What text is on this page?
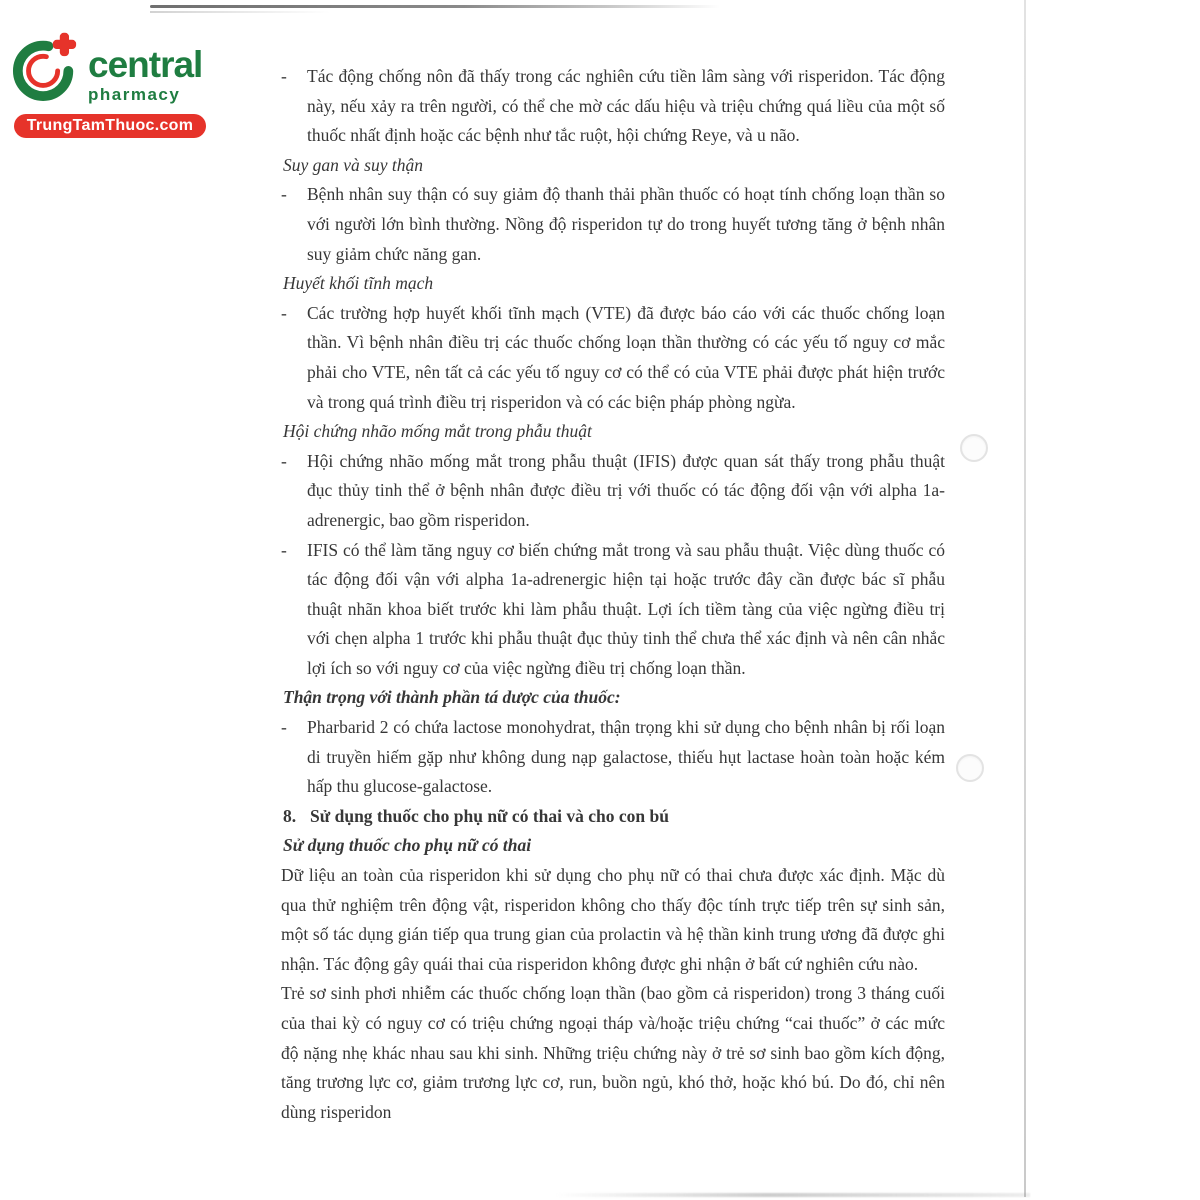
central
pharmacy
TrungTamThuoc.com
-	Tác động chống nôn đã thấy trong các nghiên cứu tiền lâm sàng với risperidon. Tác động này, nếu xảy ra trên người, có thể che mờ các dấu hiệu và triệu chứng quá liều của một số thuốc nhất định hoặc các bệnh như tắc ruột, hội chứng Reye, và u não.
Suy gan và suy thận
-	Bệnh nhân suy thận có suy giảm độ thanh thải phần thuốc có hoạt tính chống loạn thần so với người lớn bình thường. Nồng độ risperidon tự do trong huyết tương tăng ở bệnh nhân suy giảm chức năng gan.
Huyết khối tĩnh mạch
-	Các trường hợp huyết khối tĩnh mạch (VTE) đã được báo cáo với các thuốc chống loạn thần. Vì bệnh nhân điều trị các thuốc chống loạn thần thường có các yếu tố nguy cơ mắc phải cho VTE, nên tất cả các yếu tố nguy cơ có thể có của VTE phải được phát hiện trước và trong quá trình điều trị risperidon và có các biện pháp phòng ngừa.
Hội chứng nhão mống mắt trong phẫu thuật
-	Hội chứng nhão mống mắt trong phẫu thuật (IFIS) được quan sát thấy trong phẫu thuật đục thủy tinh thể ở bệnh nhân được điều trị với thuốc có tác động đối vận với alpha 1a-adrenergic, bao gồm risperidon.
-	IFIS có thể làm tăng nguy cơ biến chứng mắt trong và sau phẫu thuật. Việc dùng thuốc có tác động đối vận với alpha 1a-adrenergic hiện tại hoặc trước đây cần được bác sĩ phẫu thuật nhãn khoa biết trước khi làm phẫu thuật. Lợi ích tiềm tàng của việc ngừng điều trị với chẹn alpha 1 trước khi phẫu thuật đục thủy tinh thể chưa thể xác định và nên cân nhắc lợi ích so với nguy cơ của việc ngừng điều trị chống loạn thần.
Thận trọng với thành phần tá dược của thuốc:
-	Pharbarid 2 có chứa lactose monohydrat, thận trọng khi sử dụng cho bệnh nhân bị rối loạn di truyền hiếm gặp như không dung nạp galactose, thiếu hụt lactase hoàn toàn hoặc kém hấp thu glucose-galactose.
8. Sử dụng thuốc cho phụ nữ có thai và cho con bú
Sử dụng thuốc cho phụ nữ có thai
Dữ liệu an toàn của risperidon khi sử dụng cho phụ nữ có thai chưa được xác định. Mặc dù qua thử nghiệm trên động vật, risperidon không cho thấy độc tính trực tiếp trên sự sinh sản, một số tác dụng gián tiếp qua trung gian của prolactin và hệ thần kinh trung ương đã được ghi nhận. Tác động gây quái thai của risperidon không được ghi nhận ở bất cứ nghiên cứu nào.
Trẻ sơ sinh phơi nhiễm các thuốc chống loạn thần (bao gồm cả risperidon) trong 3 tháng cuối của thai kỳ có nguy cơ có triệu chứng ngoại tháp và/hoặc triệu chứng “cai thuốc” ở các mức độ nặng nhẹ khác nhau sau khi sinh. Những triệu chứng này ở trẻ sơ sinh bao gồm kích động, tăng trương lực cơ, giảm trương lực cơ, run, buồn ngủ, khó thở, hoặc khó bú. Do đó, chỉ nên dùng risperidon
